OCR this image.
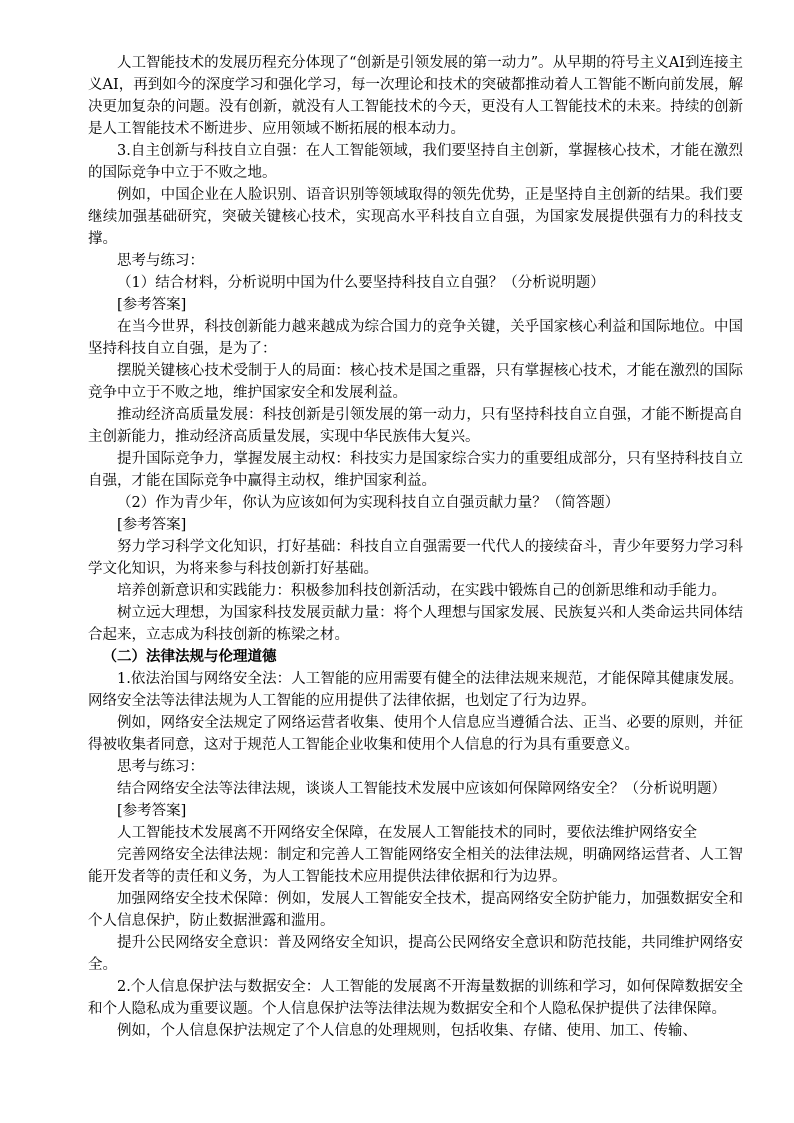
人工智能技术的发展历程充分体现了“创新是引领发展的第一动力”。从早期的符号主义AI到连接主义AI，再到如今的深度学习和强化学习，每一次理论和技术的突破都推动着人工智能不断向前发展，解决更加复杂的问题。没有创新，就没有人工智能技术的今天，更没有人工智能技术的未来。持续的创新是人工智能技术不断进步、应用领域不断拓展的根本动力。

3.自主创新与科技自立自强：在人工智能领域，我们要坚持自主创新，掌握核心技术，才能在激烈的国际竞争中立于不败之地。

例如，中国企业在人脸识别、语音识别等领域取得的领先优势，正是坚持自主创新的结果。我们要继续加强基础研究，突破关键核心技术，实现高水平科技自立自强，为国家发展提供强有力的科技支撑。

思考与练习：

（1）结合材料，分析说明中国为什么要坚持科技自立自强？（分析说明题）

[参考答案]

在当今世界，科技创新能力越来越成为综合国力的竞争关键，关乎国家核心利益和国际地位。中国坚持科技自立自强，是为了：

摆脱关键核心技术受制于人的局面：核心技术是国之重器，只有掌握核心技术，才能在激烈的国际竞争中立于不败之地，维护国家安全和发展利益。

推动经济高质量发展：科技创新是引领发展的第一动力，只有坚持科技自立自强，才能不断提高自主创新能力，推动经济高质量发展，实现中华民族伟大复兴。

提升国际竞争力，掌握发展主动权：科技实力是国家综合实力的重要组成部分，只有坚持科技自立自强，才能在国际竞争中赢得主动权，维护国家利益。

（2）作为青少年，你认为应该如何为实现科技自立自强贡献力量？（简答题）

[参考答案]

努力学习科学文化知识，打好基础：科技自立自强需要一代代人的接续奋斗，青少年要努力学习科学文化知识，为将来参与科技创新打好基础。

培养创新意识和实践能力：积极参加科技创新活动，在实践中锻炼自己的创新思维和动手能力。

树立远大理想，为国家科技发展贡献力量：将个人理想与国家发展、民族复兴和人类命运共同体结合起来，立志成为科技创新的栋梁之材。

（二）法律法规与伦理道德

1.依法治国与网络安全法：人工智能的应用需要有健全的法律法规来规范，才能保障其健康发展。网络安全法等法律法规为人工智能的应用提供了法律依据，也划定了行为边界。

例如，网络安全法规定了网络运营者收集、使用个人信息应当遵循合法、正当、必要的原则，并征得被收集者同意，这对于规范人工智能企业收集和使用个人信息的行为具有重要意义。

思考与练习：

结合网络安全法等法律法规，谈谈人工智能技术发展中应该如何保障网络安全？（分析说明题）

[参考答案]

人工智能技术发展离不开网络安全保障，在发展人工智能技术的同时，要依法维护网络安全

完善网络安全法律法规：制定和完善人工智能网络安全相关的法律法规，明确网络运营者、人工智能开发者等的责任和义务，为人工智能技术应用提供法律依据和行为边界。

加强网络安全技术保障：例如，发展人工智能安全技术，提高网络安全防护能力，加强数据安全和个人信息保护，防止数据泄露和滥用。

提升公民网络安全意识：普及网络安全知识，提高公民网络安全意识和防范技能，共同维护网络安全。

2.个人信息保护法与数据安全：人工智能的发展离不开海量数据的训练和学习，如何保障数据安全和个人隐私成为重要议题。个人信息保护法等法律法规为数据安全和个人隐私保护提供了法律保障。

例如，个人信息保护法规定了个人信息的处理规则，包括收集、存储、使用、加工、传输、
